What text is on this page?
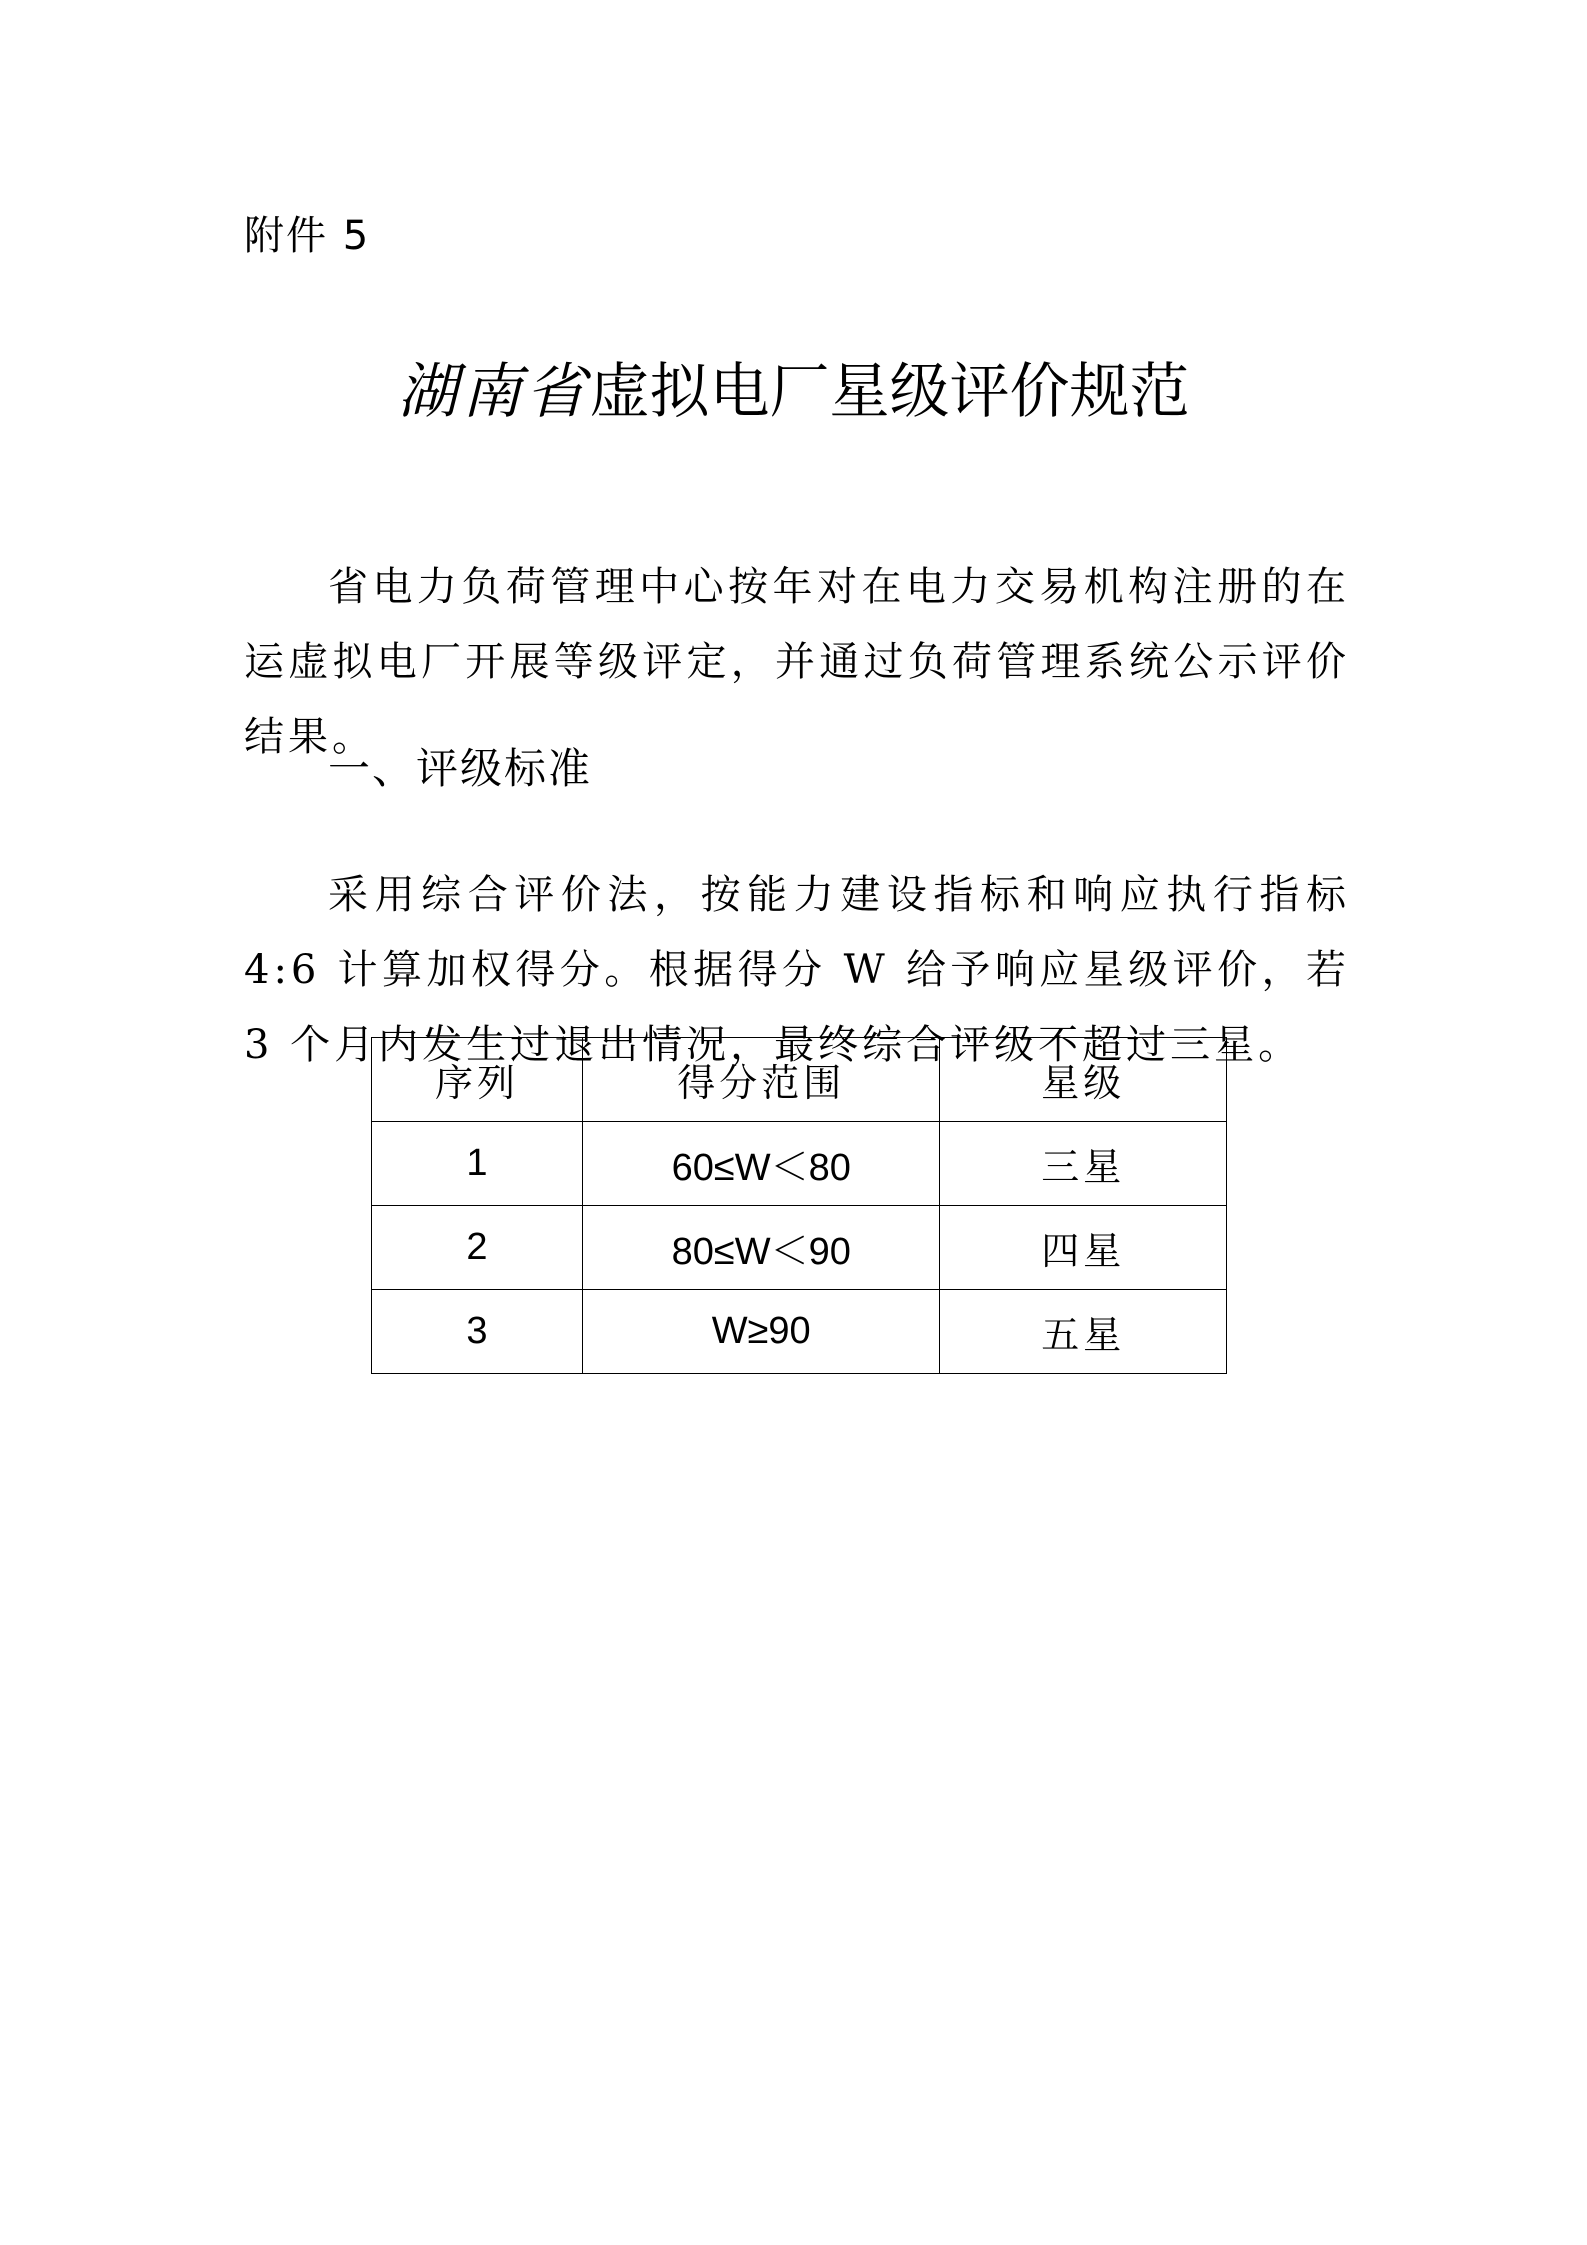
附件 5
湖南省虚拟电厂星级评价规范

省电力负荷管理中心按年对在电力交易机构注册的在运虚拟电厂开展等级评定，并通过负荷管理系统公示评价结果。

一、评级标准

采用综合评价法，按能力建设指标和响应执行指标 4:6 计算加权得分。根据得分 W 给予响应星级评价，若 3 个月内发生过退出情况，最终综合评级不超过三星。

序列	得分范围	星级
1	60≤W＜80	三星
2	80≤W＜90	四星
3	W≥90	五星
